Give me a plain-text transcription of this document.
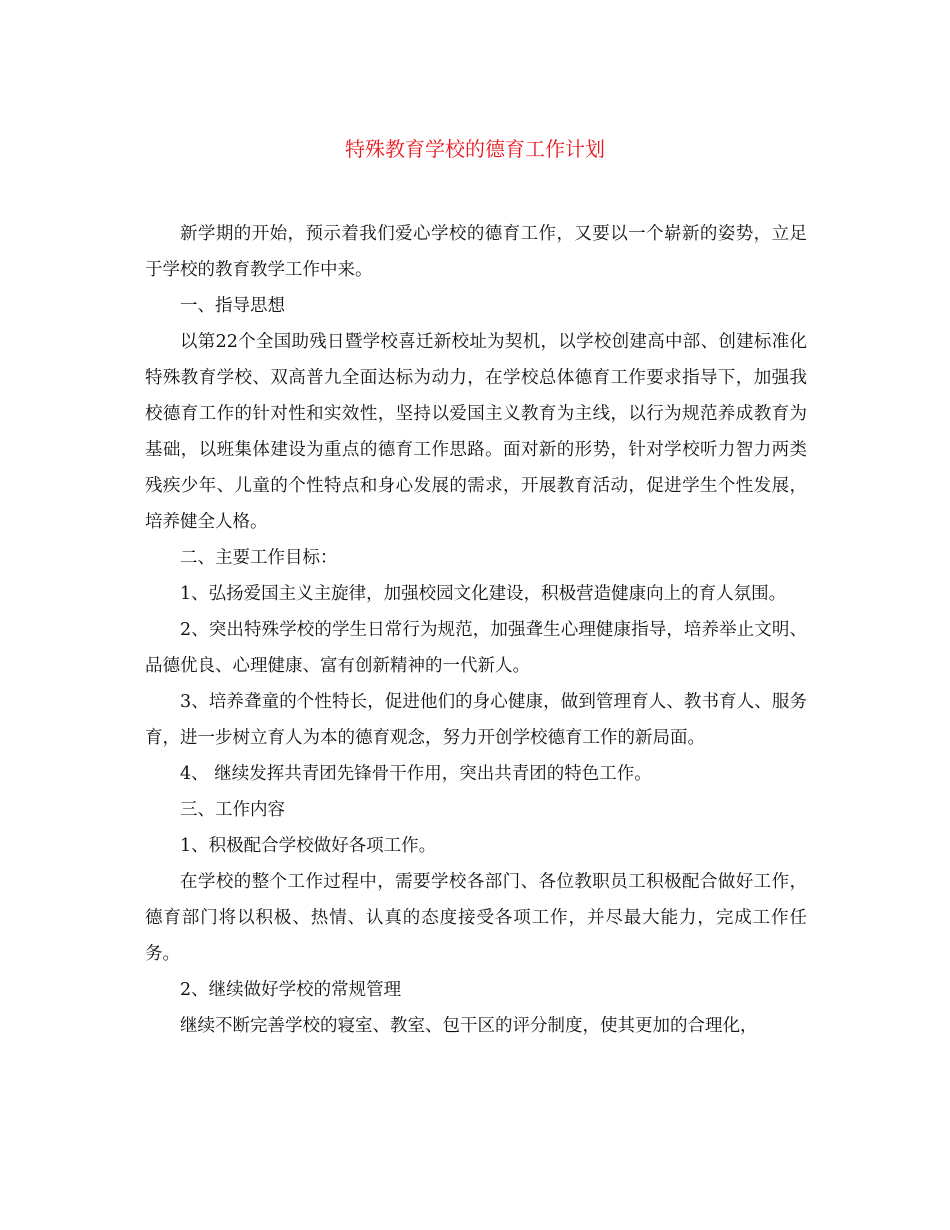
特殊教育学校的德育工作计划

新学期的开始，预示着我们爱心学校的德育工作，又要以一个崭新的姿势，立足于学校的教育教学工作中来。

一、指导思想

以第22个全国助残日暨学校喜迁新校址为契机，以学校创建高中部、创建标准化特殊教育学校、双高普九全面达标为动力，在学校总体德育工作要求指导下，加强我校德育工作的针对性和实效性，坚持以爱国主义教育为主线，以行为规范养成教育为基础，以班集体建设为重点的德育工作思路。面对新的形势，针对学校听力智力两类残疾少年、儿童的个性特点和身心发展的需求，开展教育活动，促进学生个性发展，培养健全人格。

二、主要工作目标：

1、弘扬爱国主义主旋律，加强校园文化建设，积极营造健康向上的育人氛围。

2、突出特殊学校的学生日常行为规范，加强聋生心理健康指导，培养举止文明、品德优良、心理健康、富有创新精神的一代新人。

3、培养聋童的个性特长，促进他们的身心健康，做到管理育人、教书育人、服务育，进一步树立育人为本的德育观念，努力开创学校德育工作的新局面。

4、 继续发挥共青团先锋骨干作用，突出共青团的特色工作。

三、工作内容

1、积极配合学校做好各项工作。

在学校的整个工作过程中，需要学校各部门、各位教职员工积极配合做好工作，德育部门将以积极、热情、认真的态度接受各项工作，并尽最大能力，完成工作任务。

2、继续做好学校的常规管理

继续不断完善学校的寝室、教室、包干区的评分制度，使其更加的合理化，
